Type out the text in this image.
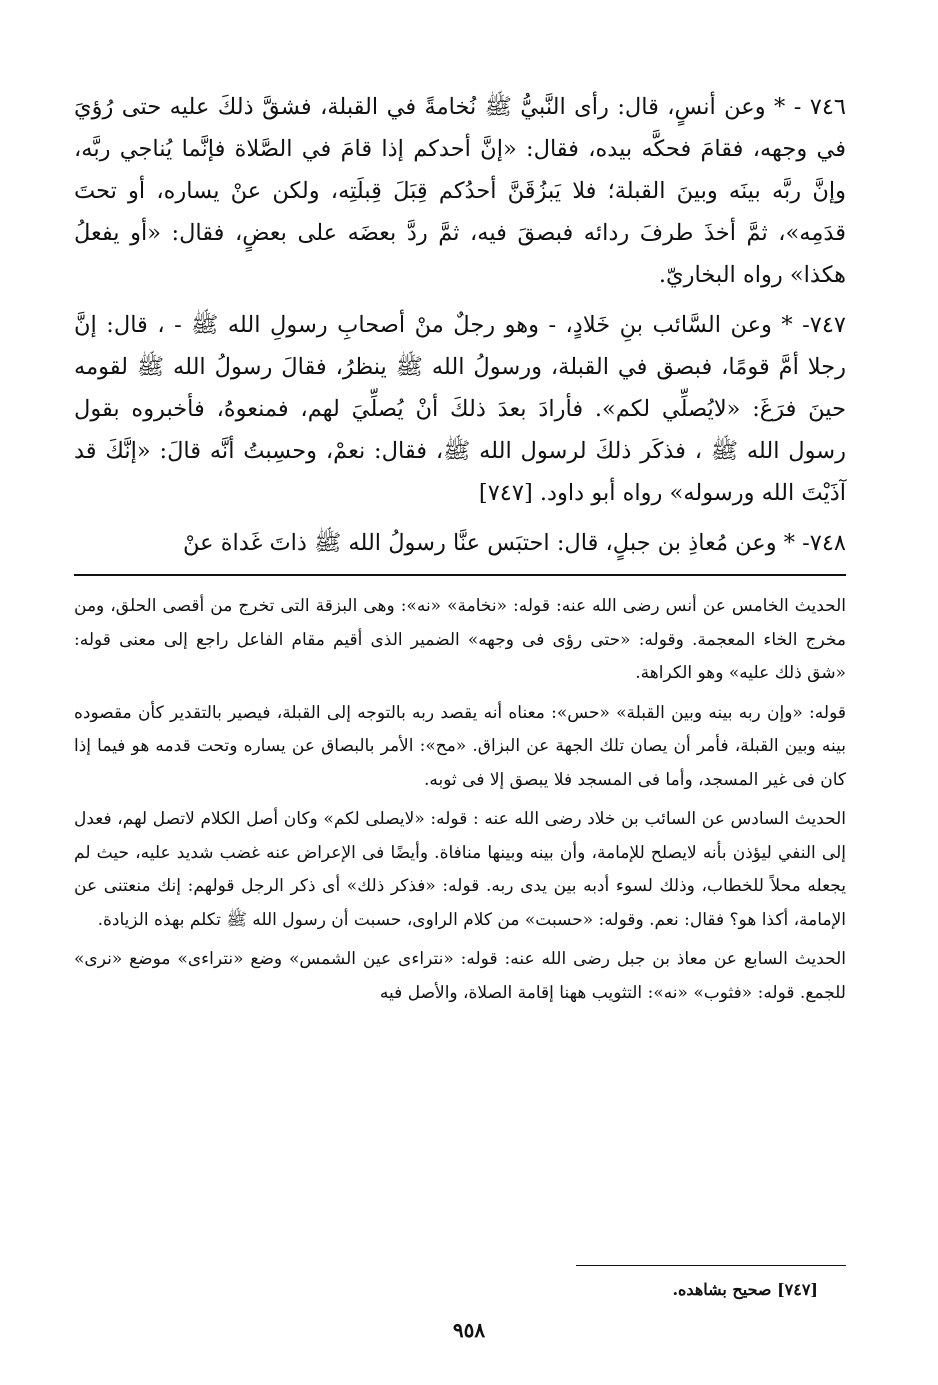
٧٤٦ - * وعن أنسٍ، قال: رأى النَّبيُّ ﷺ نُخامةً في القبلة، فشقَّ ذلكَ عليه حتى رُؤيَ في وجهه، فقامَ فحكَّه بيده، فقال: «إنَّ أحدكم إذا قامَ في الصَّلاة فإنَّما يُناجي ربَّه، وإنَّ ربَّه بينَه وبينَ القبلة؛ فلا يَبزُقَنَّ أحدُكم قِبَلَ قِبلَتِه، ولكن عنْ يساره، أو تحتَ قدَمِه»، ثمَّ أخذَ طرفَ ردائه فبصقَ فيه، ثمَّ ردَّ بعضَه على بعضٍ، فقال: «أو يفعلُ هكذا» رواه البخاريّ.

٧٤٧- * وعن السَّائب بنِ خَلادٍ، - وهو رجلٌ منْ أصحابِ رسولِ الله ﷺ - ، قال: إنَّ رجلا أمَّ قومًا، فبصق في القبلة، ورسولُ الله ﷺ ينظرُ، فقالَ رسولُ الله ﷺ لقومه حينَ فرَغَ: «لايُصلِّي لكم». فأرادَ بعدَ ذلكَ أنْ يُصلِّيَ لهم، فمنعوهُ، فأخبروه بقول رسول الله ﷺ ، فذكَر ذلكَ لرسول الله ﷺ، فقال: نعمْ، وحسِبتُ أنَّه قالَ: «إنَّكَ قد آذَيْتَ الله ورسوله» رواه أبو داود. [٧٤٧]

٧٤٨- * وعن مُعاذِ بن جبلٍ، قال: احتبَس عنَّا رسولُ الله ﷺ ذاتَ غَداة عنْ

الحديث الخامس عن أنس رضى الله عنه: قوله: «نخامة» «نه»: وهى البزقة التى تخرج من أقصى الحلق، ومن مخرج الخاء المعجمة. وقوله: «حتى رؤى فى وجهه» الضمير الذى أقيم مقام الفاعل راجع إلى معنى قوله: «شق ذلك عليه» وهو الكراهة.

قوله: «وإن ربه بينه وبين القبلة» «حس»: معناه أنه يقصد ربه بالتوجه إلى القبلة، فيصير بالتقدير كأن مقصوده بينه وبين القبلة، فأمر أن يصان تلك الجهة عن البزاق. «مح»: الأمر بالبصاق عن يساره وتحت قدمه هو فيما إذا كان فى غير المسجد، وأما فى المسجد فلا يبصق إلا فى ثوبه.

الحديث السادس عن السائب بن خلاد رضى الله عنه : قوله: «لايصلى لكم» وكان أصل الكلام لاتصل لهم، فعدل إلى النفي ليؤذن بأنه لايصلح للإمامة، وأن بينه وبينها منافاة. وأيضًا فى الإعراض عنه غضب شديد عليه، حيث لم يجعله محلاً للخطاب، وذلك لسوء أدبه بين يدى ربه. قوله: «فذكر ذلك» أى ذكر الرجل قولهم: إنك منعتنى عن الإمامة، أكذا هو؟ فقال: نعم. وقوله: «حسبت» من كلام الراوى، حسبت أن رسول الله ﷺ تكلم بهذه الزيادة.

الحديث السابع عن معاذ بن جبل رضى الله عنه: قوله: «نتراءى عين الشمس» وضع «نتراءى» موضع «نرى» للجمع. قوله: «فثوب» «نه»: التثويب ههنا إقامة الصلاة، والأصل فيه

[٧٤٧] صحيح بشاهده.
٩٥٨
